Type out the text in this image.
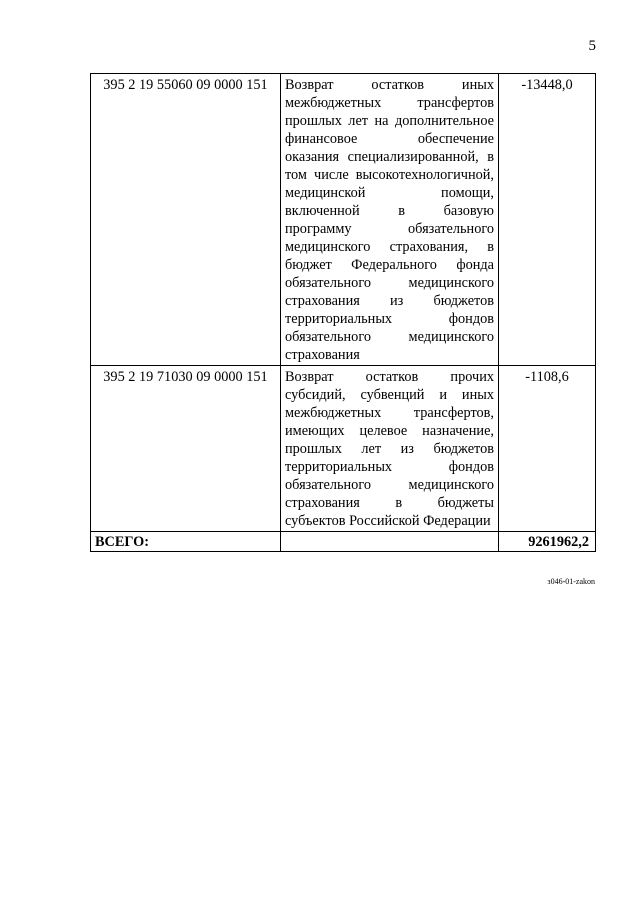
5
395 2 19 55060 09 0000 151	Возврат остатков иных межбюджетных трансфертов прошлых лет на дополнительное финансовое обеспечение оказания специализированной, в том числе высокотехнологичной, медицинской помощи, включенной в базовую программу обязательного медицинского страхования, в бюджет Федерального фонда обязательного медицинского страхования из бюджетов территориальных фондов обязательного медицинского страхования	-13448,0
395 2 19 71030 09 0000 151	Возврат остатков прочих субсидий, субвенций и иных межбюджетных трансфертов, имеющих целевое назначение, прошлых лет из бюджетов территориальных фондов обязательного медицинского страхования в бюджеты субъектов Российской Федерации	-1108,6
ВСЕГО:		9261962,2
з046-01-zakon
